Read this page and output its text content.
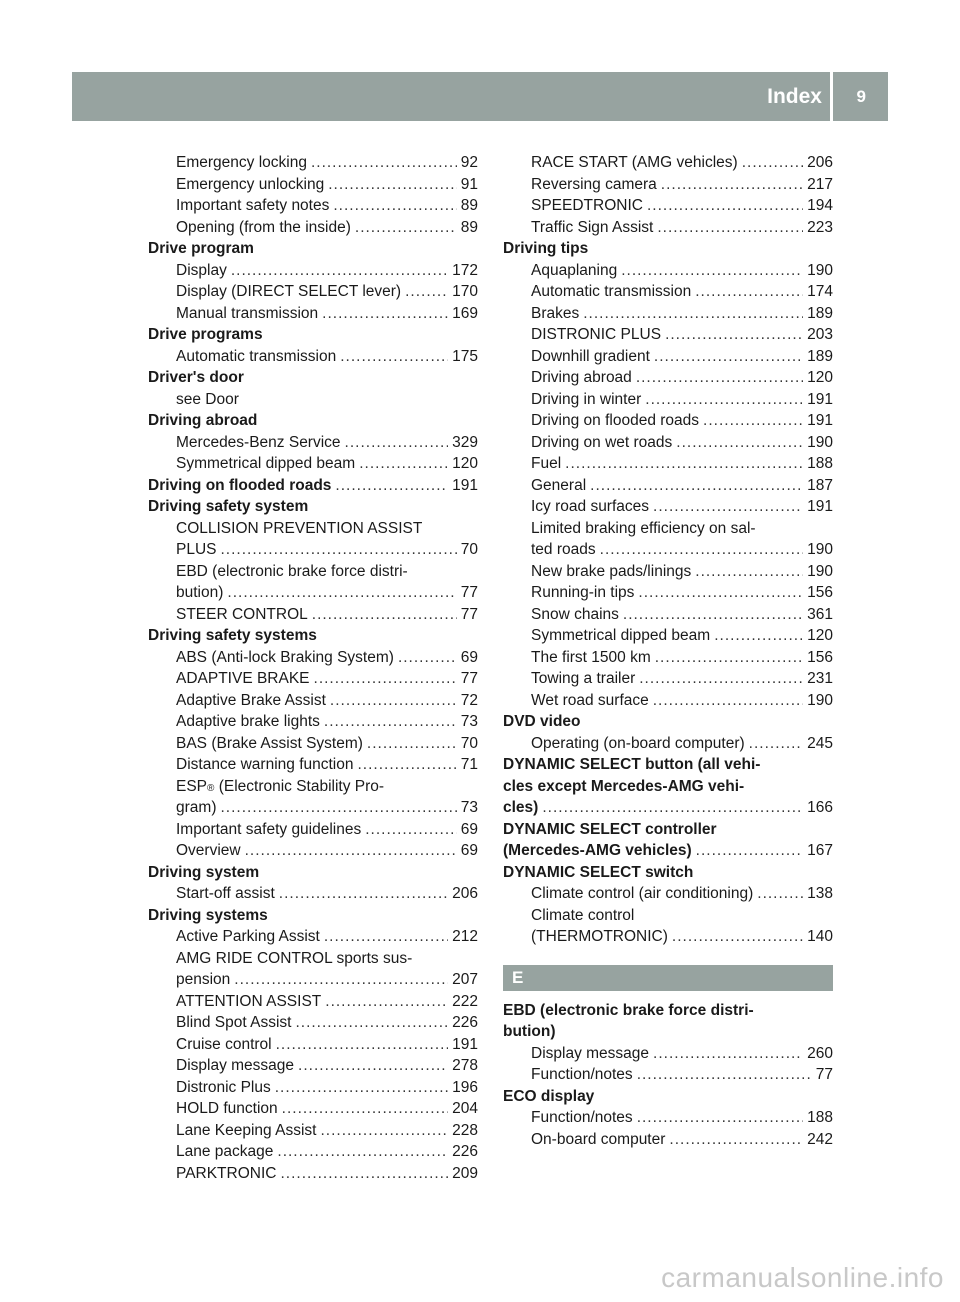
Index 9
Emergency locking .....	92
Emergency unlocking .....	91
Important safety notes .....	89
Opening (from the inside) .....	89
Drive program
Display .....	172
Display (DIRECT SELECT lever) .....	170
Manual transmission .....	169
Drive programs
Automatic transmission .....	175
Driver's door
see Door
Driving abroad
Mercedes-Benz Service .....	329
Symmetrical dipped beam .....	120
Driving on flooded roads .....	191
Driving safety system
COLLISION PREVENTION ASSIST
PLUS .....	70
EBD (electronic brake force distri-
bution) .....	77
STEER CONTROL .....	77
Driving safety systems
ABS (Anti-lock Braking System) .....	69
ADAPTIVE BRAKE .....	77
Adaptive Brake Assist .....	72
Adaptive brake lights .....	73
BAS (Brake Assist System) .....	70
Distance warning function .....	71
ESP ® (Electronic Stability Pro-
gram) .....	73
Important safety guidelines .....	69
Overview .....	69
Driving system
Start-off assist .....	206
Driving systems
Active Parking Assist .....	212
AMG RIDE CONTROL sports sus-
pension .....	207
ATTENTION ASSIST .....	222
Blind Spot Assist .....	226
Cruise control .....	191
Display message .....	278
Distronic Plus .....	196
HOLD function .....	204
Lane Keeping Assist .....	228
Lane package .....	226
PARKTRONIC .....	209
RACE START (AMG vehicles) .....	206
Reversing camera .....	217
SPEEDTRONIC .....	194
Traffic Sign Assist .....	223
Driving tips
Aquaplaning .....	190
Automatic transmission .....	174
Brakes .....	189
DISTRONIC PLUS .....	203
Downhill gradient .....	189
Driving abroad .....	120
Driving in winter .....	191
Driving on flooded roads .....	191
Driving on wet roads .....	190
Fuel .....	188
General .....	187
Icy road surfaces .....	191
Limited braking efficiency on sal-
ted roads .....	190
New brake pads/linings .....	190
Running-in tips .....	156
Snow chains .....	361
Symmetrical dipped beam .....	120
The first 1500 km .....	156
Towing a trailer .....	231
Wet road surface .....	190
DVD video
Operating (on-board computer) .....	245
DYNAMIC SELECT button (all vehi-
cles except Mercedes-AMG vehi-
cles) .....	166
DYNAMIC SELECT controller
(Mercedes-AMG vehicles) .....	167
DYNAMIC SELECT switch
Climate control (air conditioning) .....	138
Climate control
(THERMOTRONIC) .....	140
E
EBD (electronic brake force distri-
bution)
Display message .....	260
Function/notes .....	77
ECO display
Function/notes .....	188
On-board computer .....	242
carmanualsonline.info
